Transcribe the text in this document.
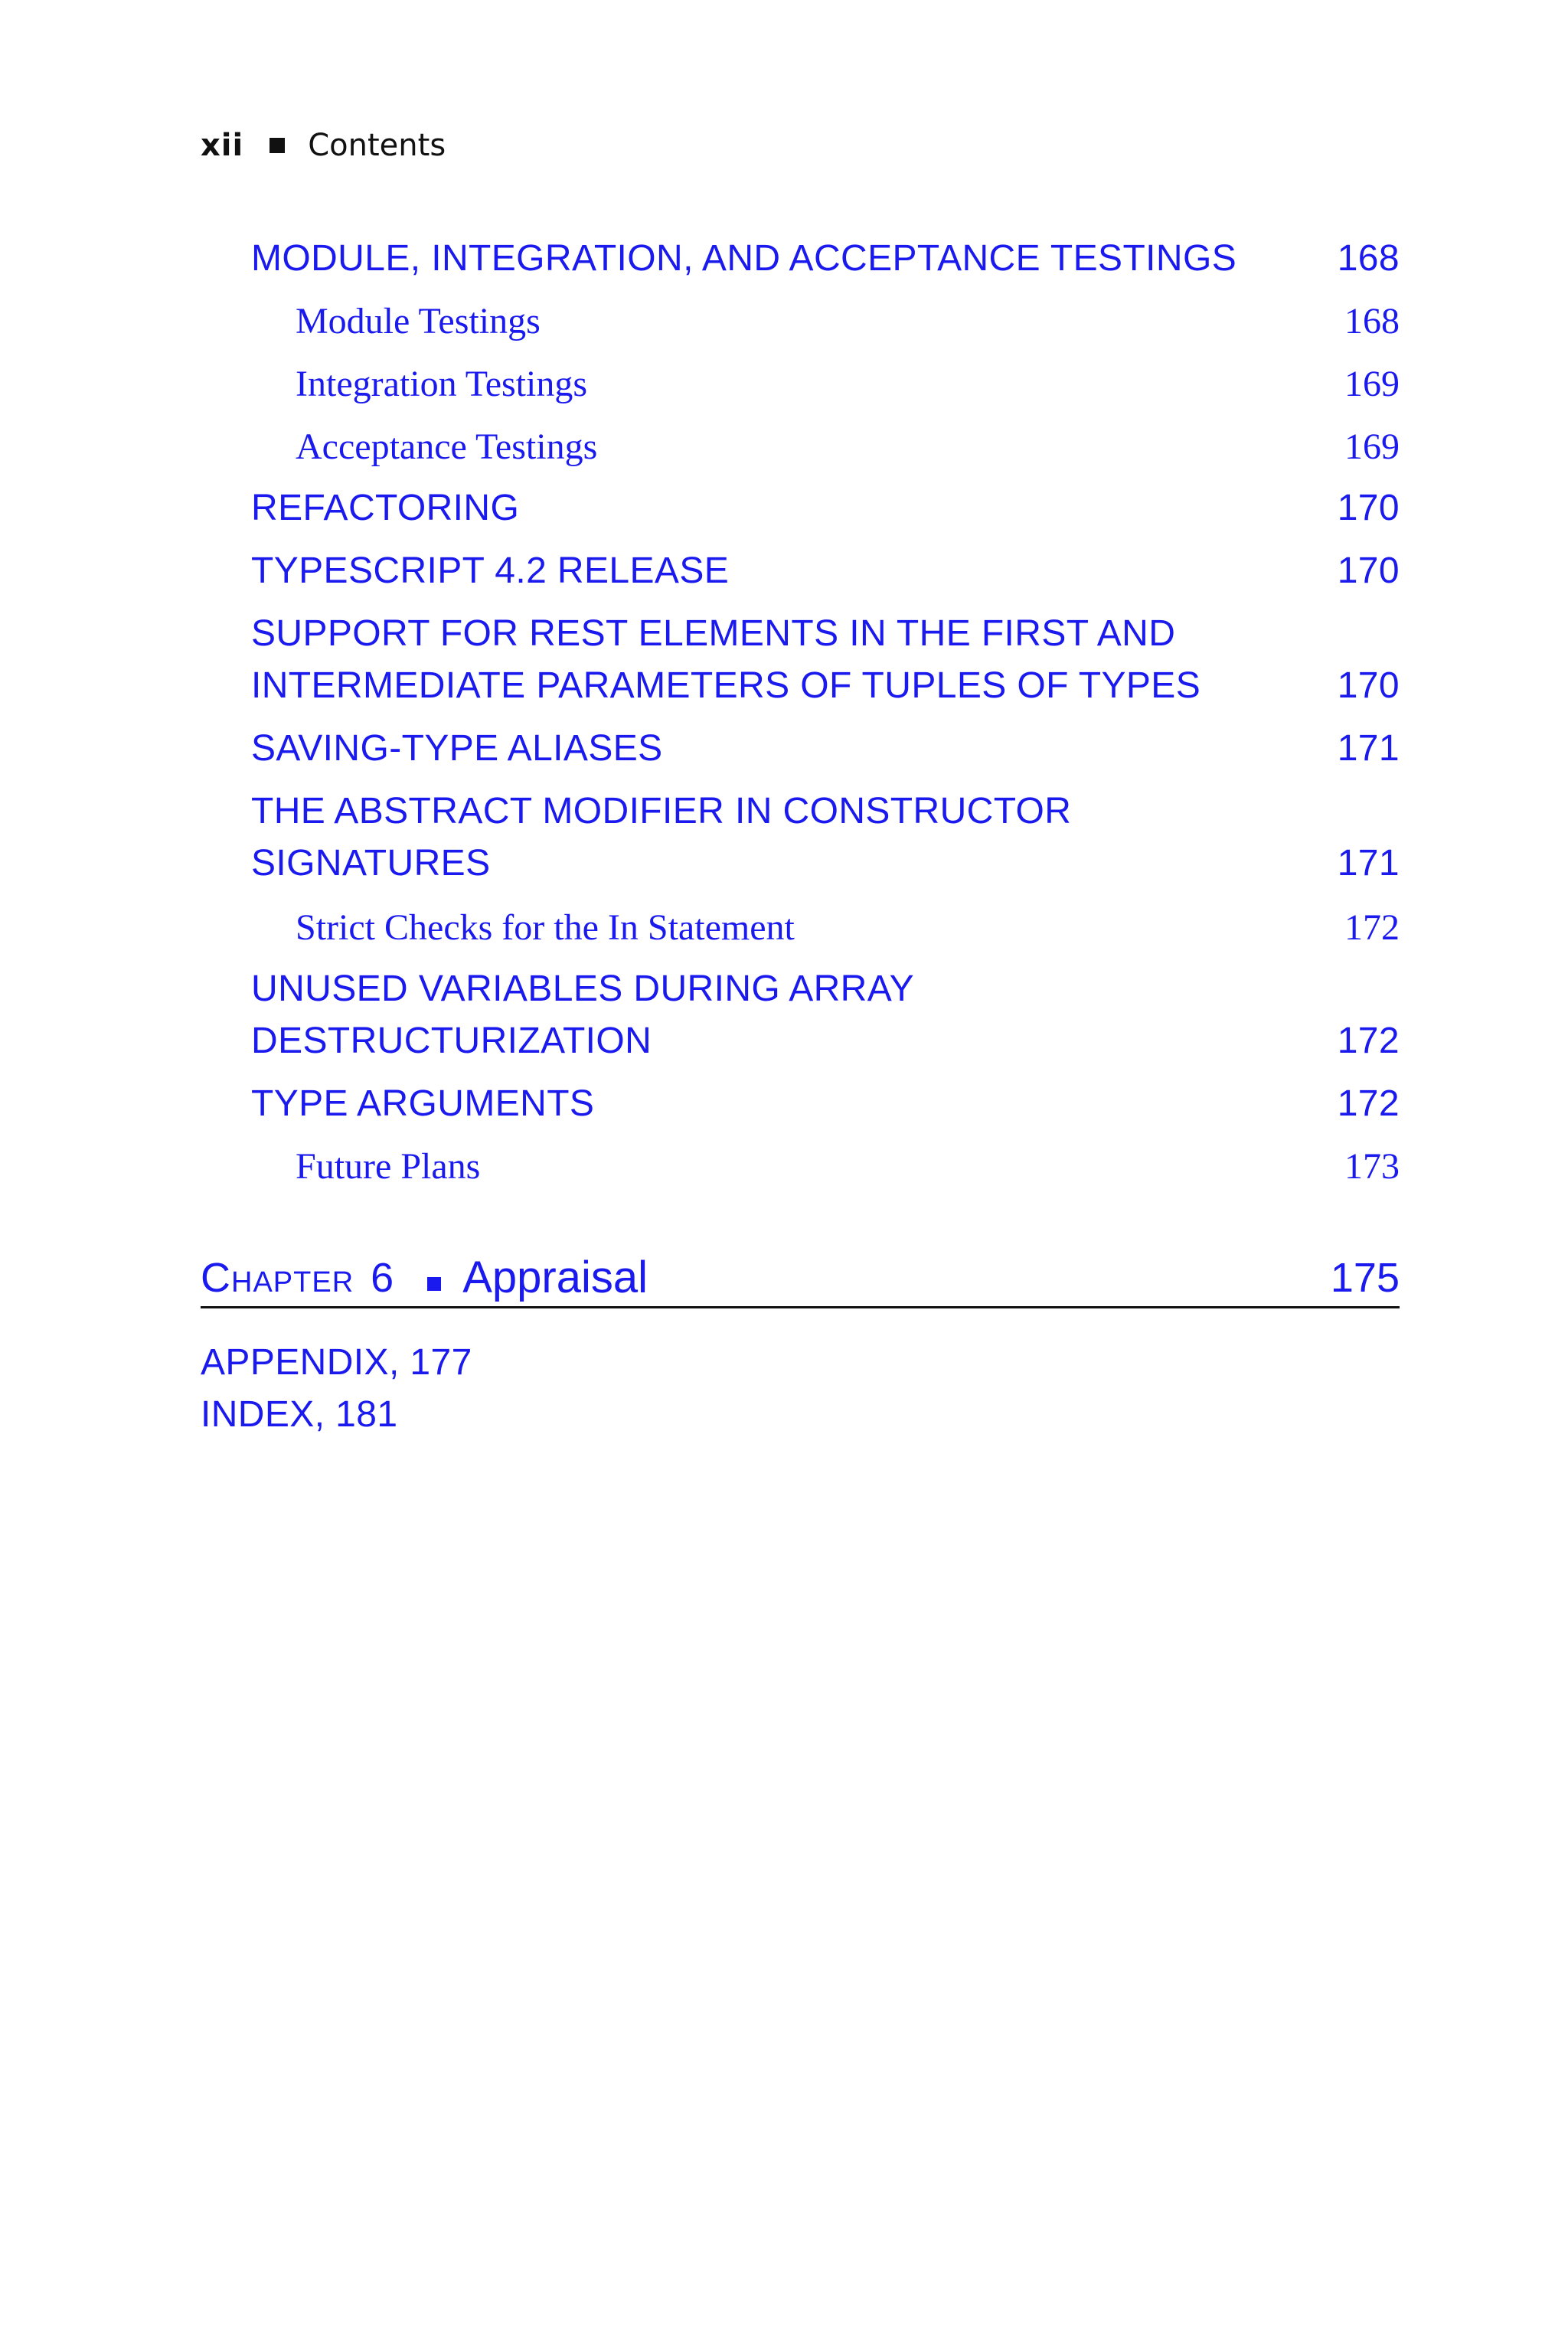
xii Contents
MODULE, INTEGRATION, AND ACCEPTANCE TESTINGS	168
Module Testings	168
Integration Testings	169
Acceptance Testings	169
REFACTORING	170
TYPESCRIPT 4.2 RELEASE	170
SUPPORT FOR REST ELEMENTS IN THE FIRST AND
INTERMEDIATE PARAMETERS OF TUPLES OF TYPES	170
SAVING-TYPE ALIASES	171
THE ABSTRACT MODIFIER IN CONSTRUCTOR
SIGNATURES	171
Strict Checks for the In Statement	172
UNUSED VARIABLES DURING ARRAY
DESTRUCTURIZATION	172
TYPE ARGUMENTS	172
Future Plans	173
Chapter 6 Appraisal	175
APPENDIX, 177
INDEX, 181
